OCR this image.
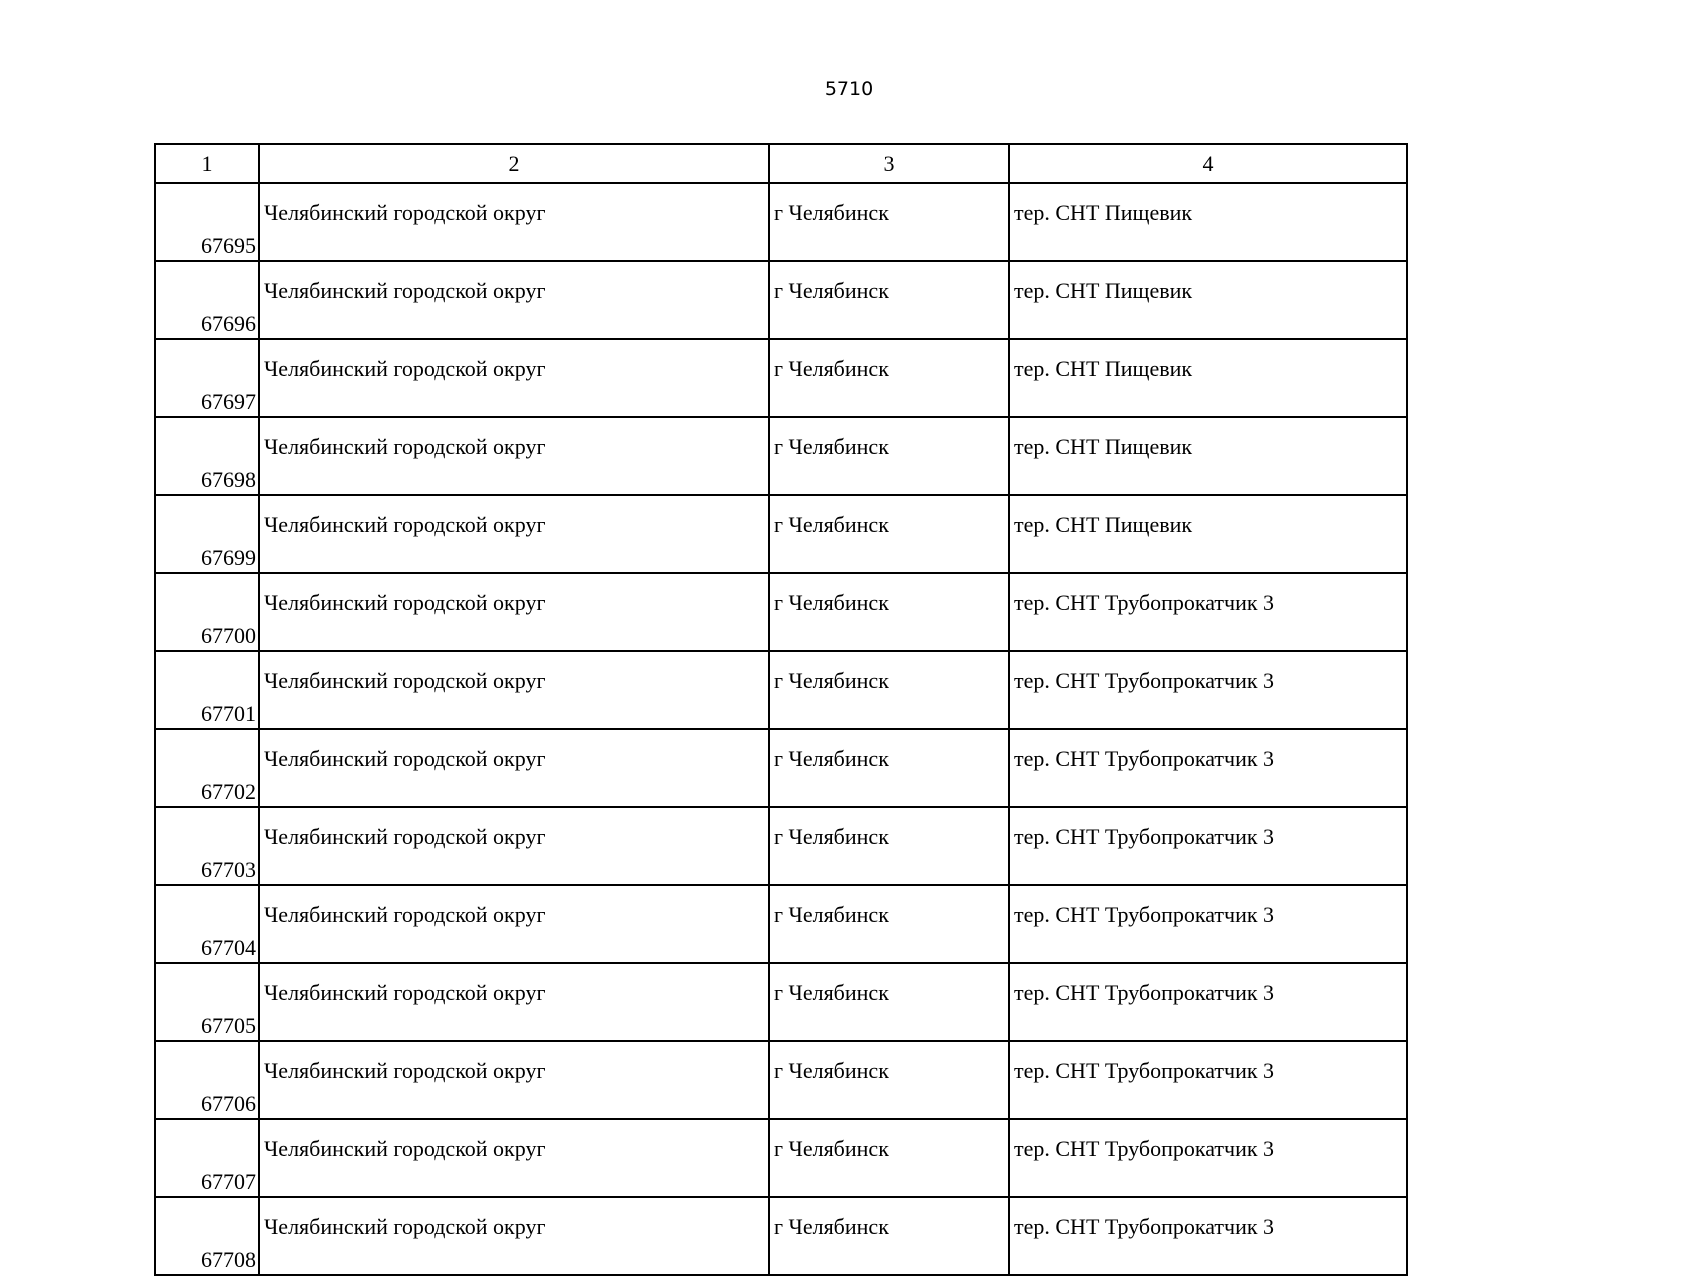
5710
1	2	3	4
67695	Челябинский городской округ	г Челябинск	тер. СНТ Пищевик
67696	Челябинский городской округ	г Челябинск	тер. СНТ Пищевик
67697	Челябинский городской округ	г Челябинск	тер. СНТ Пищевик
67698	Челябинский городской округ	г Челябинск	тер. СНТ Пищевик
67699	Челябинский городской округ	г Челябинск	тер. СНТ Пищевик
67700	Челябинский городской округ	г Челябинск	тер. СНТ Трубопрокатчик 3
67701	Челябинский городской округ	г Челябинск	тер. СНТ Трубопрокатчик 3
67702	Челябинский городской округ	г Челябинск	тер. СНТ Трубопрокатчик 3
67703	Челябинский городской округ	г Челябинск	тер. СНТ Трубопрокатчик 3
67704	Челябинский городской округ	г Челябинск	тер. СНТ Трубопрокатчик 3
67705	Челябинский городской округ	г Челябинск	тер. СНТ Трубопрокатчик 3
67706	Челябинский городской округ	г Челябинск	тер. СНТ Трубопрокатчик 3
67707	Челябинский городской округ	г Челябинск	тер. СНТ Трубопрокатчик 3
67708	Челябинский городской округ	г Челябинск	тер. СНТ Трубопрокатчик 3
